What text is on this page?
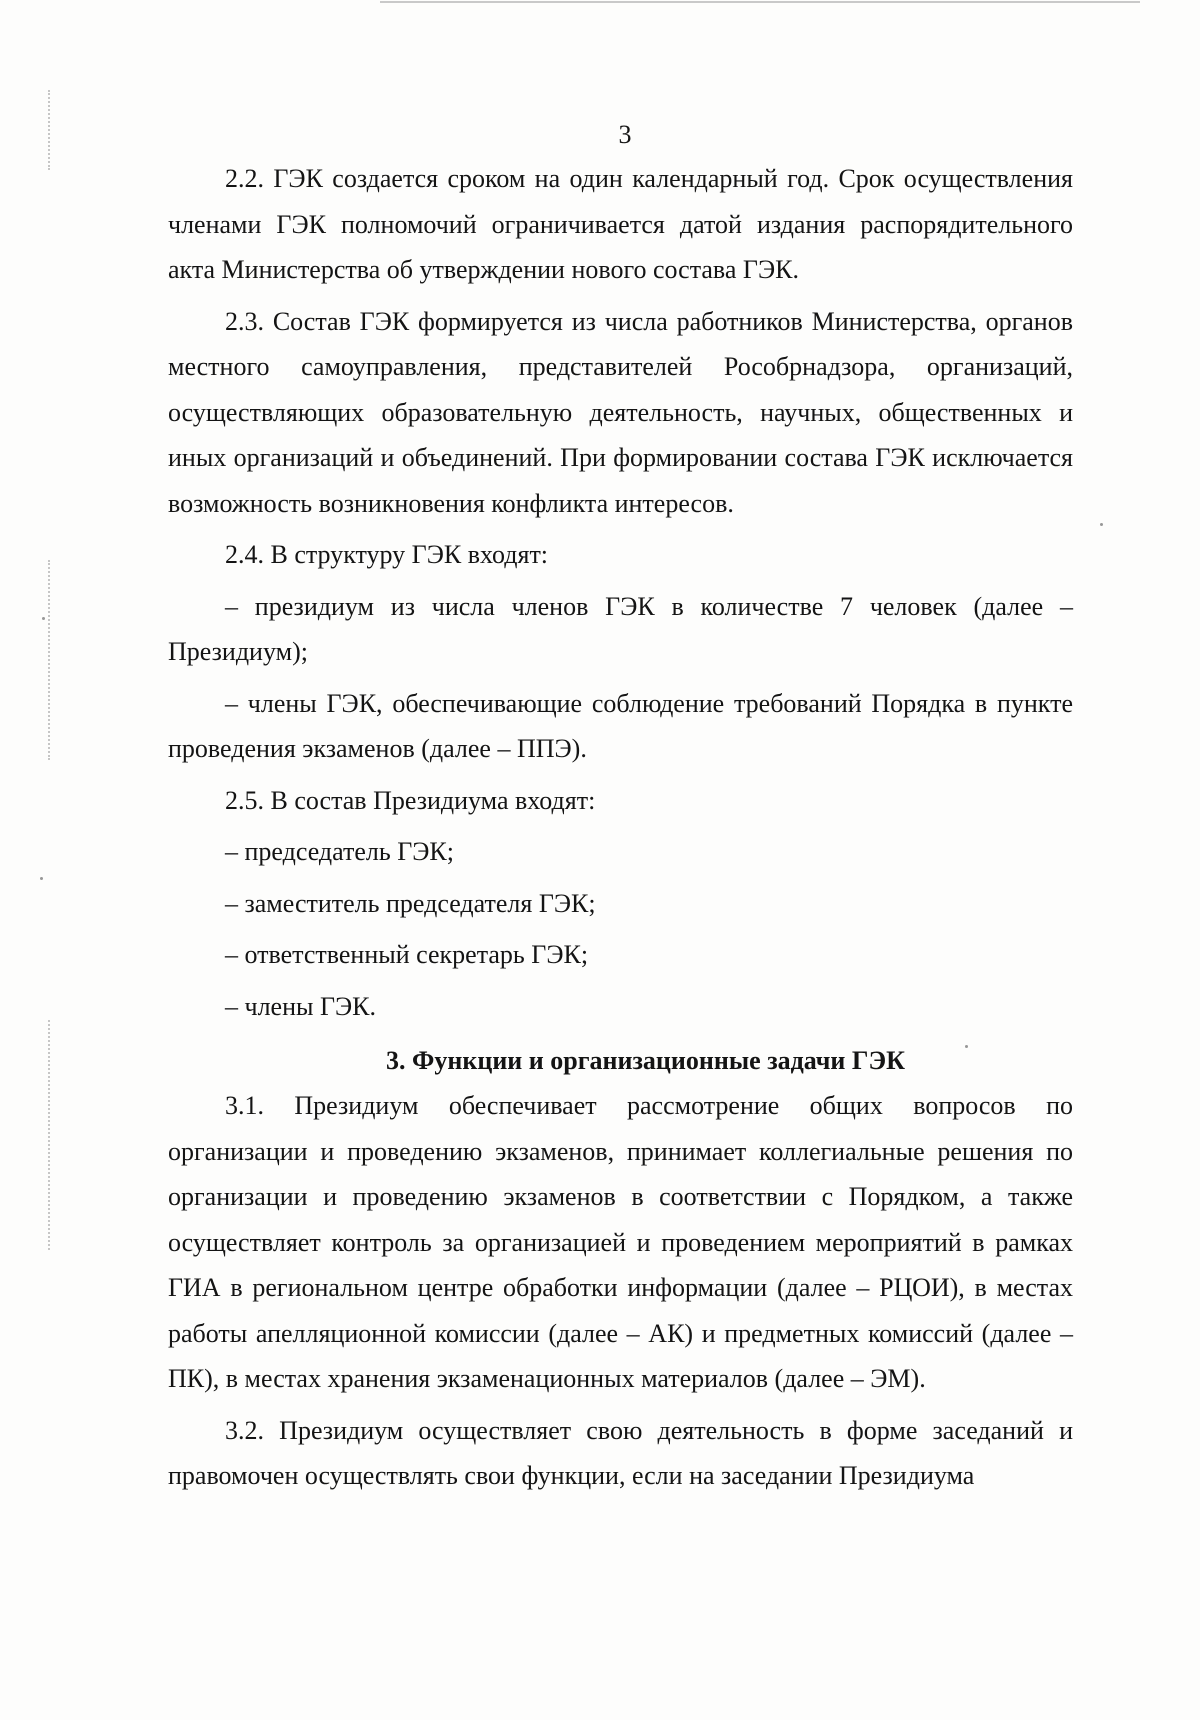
3

2.2. ГЭК создается сроком на один календарный год. Срок осуществления членами ГЭК полномочий ограничивается датой издания распорядительного акта Министерства об утверждении нового состава ГЭК.

2.3. Состав ГЭК формируется из числа работников Министерства, органов местного самоуправления, представителей Рособрнадзора, организаций, осуществляющих образовательную деятельность, научных, общественных и иных организаций и объединений. При формировании состава ГЭК исключается возможность возникновения конфликта интересов.

2.4. В структуру ГЭК входят:

– президиум из числа членов ГЭК в количестве 7 человек (далее – Президиум);

– члены ГЭК, обеспечивающие соблюдение требований Порядка в пункте проведения экзаменов (далее – ППЭ).

2.5. В состав Президиума входят:

– председатель ГЭК;

– заместитель председателя ГЭК;

– ответственный секретарь ГЭК;

– члены ГЭК.

3. Функции и организационные задачи ГЭК

3.1. Президиум обеспечивает рассмотрение общих вопросов по организации и проведению экзаменов, принимает коллегиальные решения по организации и проведению экзаменов в соответствии с Порядком, а также осуществляет контроль за организацией и проведением мероприятий в рамках ГИА в региональном центре обработки информации (далее – РЦОИ), в местах работы апелляционной комиссии (далее – АК) и предметных комиссий (далее – ПК), в местах хранения экзаменационных материалов (далее – ЭМ).

3.2. Президиум осуществляет свою деятельность в форме заседаний и правомочен осуществлять свои функции, если на заседании Президиума
